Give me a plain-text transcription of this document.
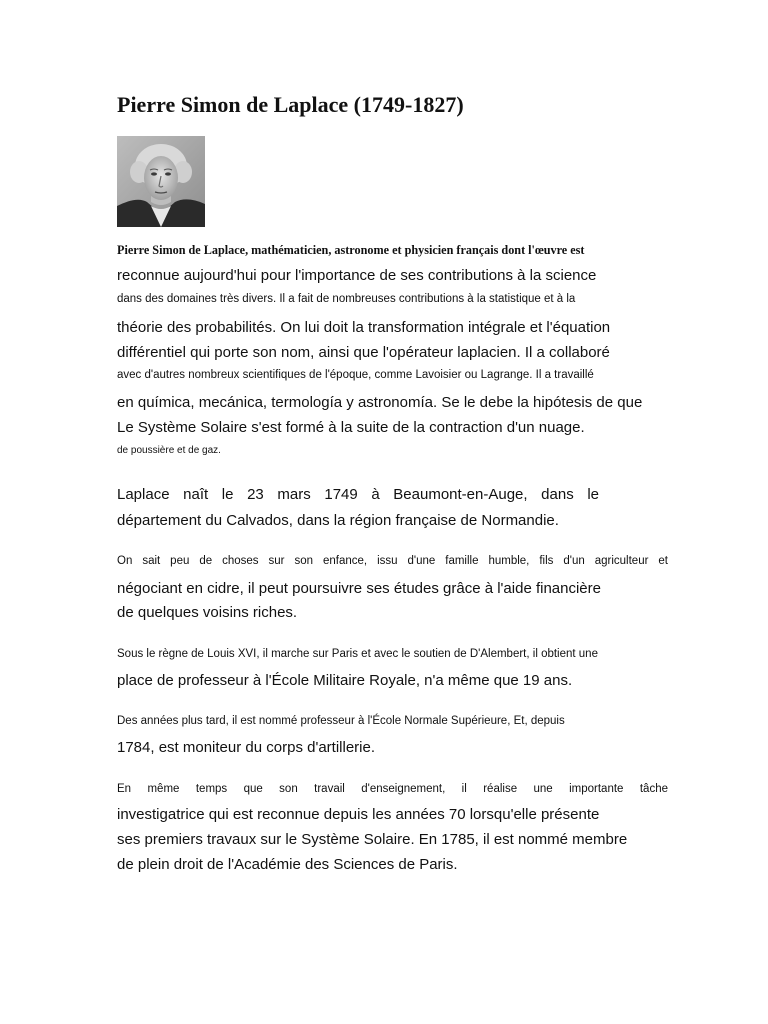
Pierre Simon de Laplace (1749-1827)

Pierre Simon de Laplace, mathématicien, astronome et physicien français dont l'œuvre est

reconnue aujourd'hui pour l'importance de ses contributions à la science

dans des domaines très divers. Il a fait de nombreuses contributions à la statistique et à la

théorie des probabilités. On lui doit la transformation intégrale et l'équation

différentiel qui porte son nom, ainsi que l'opérateur laplacien. Il a collaboré

avec d'autres nombreux scientifiques de l'époque, comme Lavoisier ou Lagrange. Il a travaillé

en química, mecánica, termología y astronomía. Se le debe la hipótesis de que

Le Système Solaire s'est formé à la suite de la contraction d'un nuage.

de poussière et de gaz.

Laplace naît le 23 mars 1749 à Beaumont-en-Auge, dans le

département du Calvados, dans la région française de Normandie.

On sait peu de choses sur son enfance, issu d'une famille humble, fils d'un agriculteur et

négociant en cidre, il peut poursuivre ses études grâce à l'aide financière

de quelques voisins riches.

Sous le règne de Louis XVI, il marche sur Paris et avec le soutien de D'Alembert, il obtient une

place de professeur à l'École Militaire Royale, n'a même que 19 ans.

Des années plus tard, il est nommé professeur à l'École Normale Supérieure, Et, depuis

1784, est moniteur du corps d'artillerie.

En même temps que son travail d'enseignement, il réalise une importante tâche

investigatrice qui est reconnue depuis les années 70 lorsqu'elle présente

ses premiers travaux sur le Système Solaire. En 1785, il est nommé membre

de plein droit de l'Académie des Sciences de Paris.
